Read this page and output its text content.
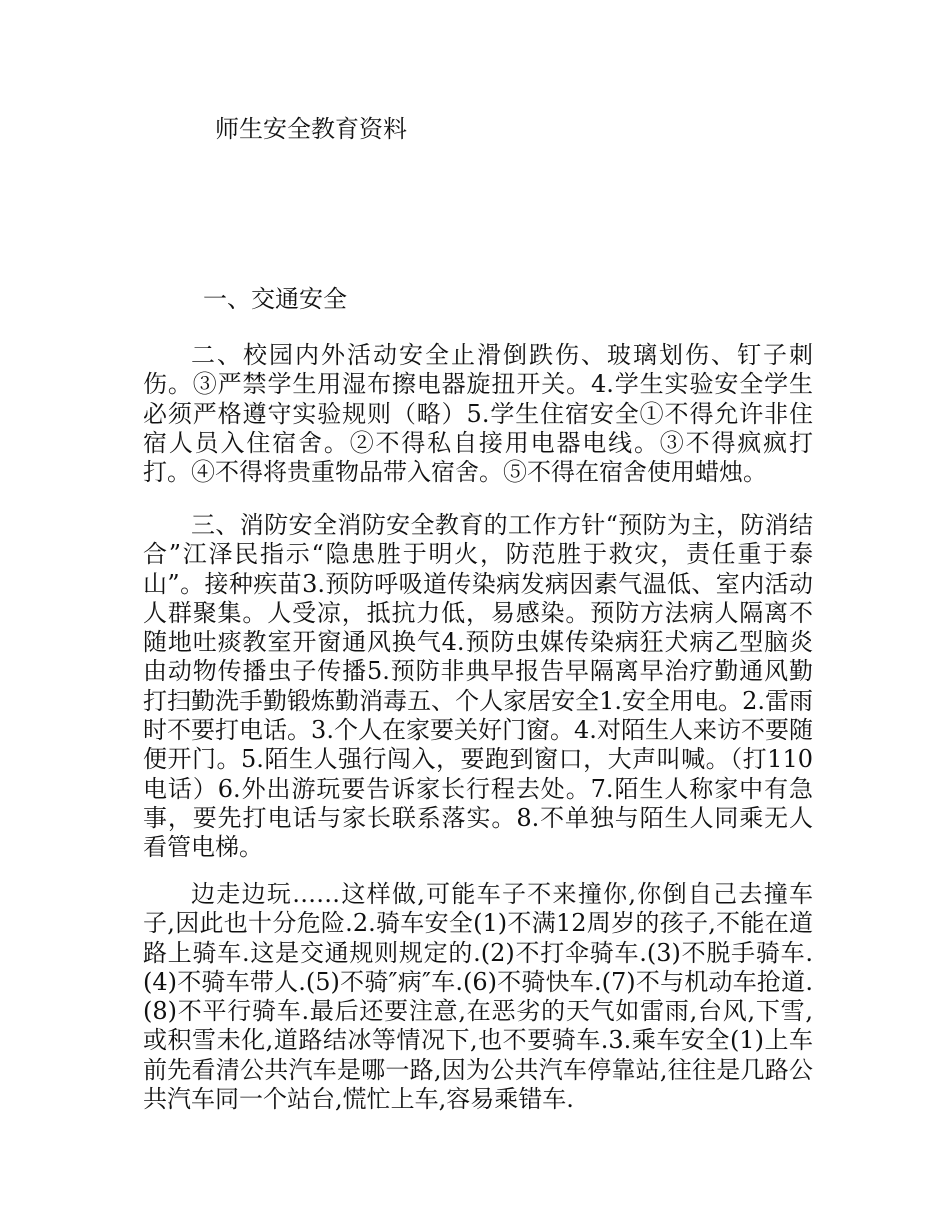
师生安全教育资料
一、交通安全

二、校园内外活动安全止滑倒跌伤、玻璃划伤、钉子刺伤。③严禁学生用湿布擦电器旋扭开关。4.学生实验安全学生必须严格遵守实验规则（略）5.学生住宿安全①不得允许非住宿人员入住宿舍。②不得私自接用电器电线。③不得疯疯打打。④不得将贵重物品带入宿舍。⑤不得在宿舍使用蜡烛。

三、消防安全消防安全教育的工作方针“预防为主，防消结合”江泽民指示“隐患胜于明火，防范胜于救灾，责任重于泰山”。接种疾苗3.预防呼吸道传染病发病因素气温低、室内活动人群聚集。人受凉，抵抗力低，易感染。预防方法病人隔离不随地吐痰教室开窗通风换气4.预防虫媒传染病狂犬病乙型脑炎由动物传播虫子传播5.预防非典早报告早隔离早治疗勤通风勤打扫勤洗手勤锻炼勤消毒五、个人家居安全1.安全用电。2.雷雨时不要打电话。3.个人在家要关好门窗。4.对陌生人来访不要随便开门。5.陌生人强行闯入，要跑到窗口，大声叫喊。（打110电话）6.外出游玩要告诉家长行程去处。7.陌生人称家中有急事，要先打电话与家长联系落实。8.不单独与陌生人同乘无人看管电梯。

边走边玩……这样做,可能车子不来撞你,你倒自己去撞车子,因此也十分危险.2.骑车安全(1)不满12周岁的孩子,不能在道路上骑车.这是交通规则规定的.(2)不打伞骑车.(3)不脱手骑车.(4)不骑车带人.(5)不骑″病″车.(6)不骑快车.(7)不与机动车抢道.(8)不平行骑车.最后还要注意,在恶劣的天气如雷雨,台风,下雪,或积雪未化,道路结冰等情况下,也不要骑车.3.乘车安全(1)上车前先看清公共汽车是哪一路,因为公共汽车停靠站,往往是几路公共汽车同一个站台,慌忙上车,容易乘错车.
